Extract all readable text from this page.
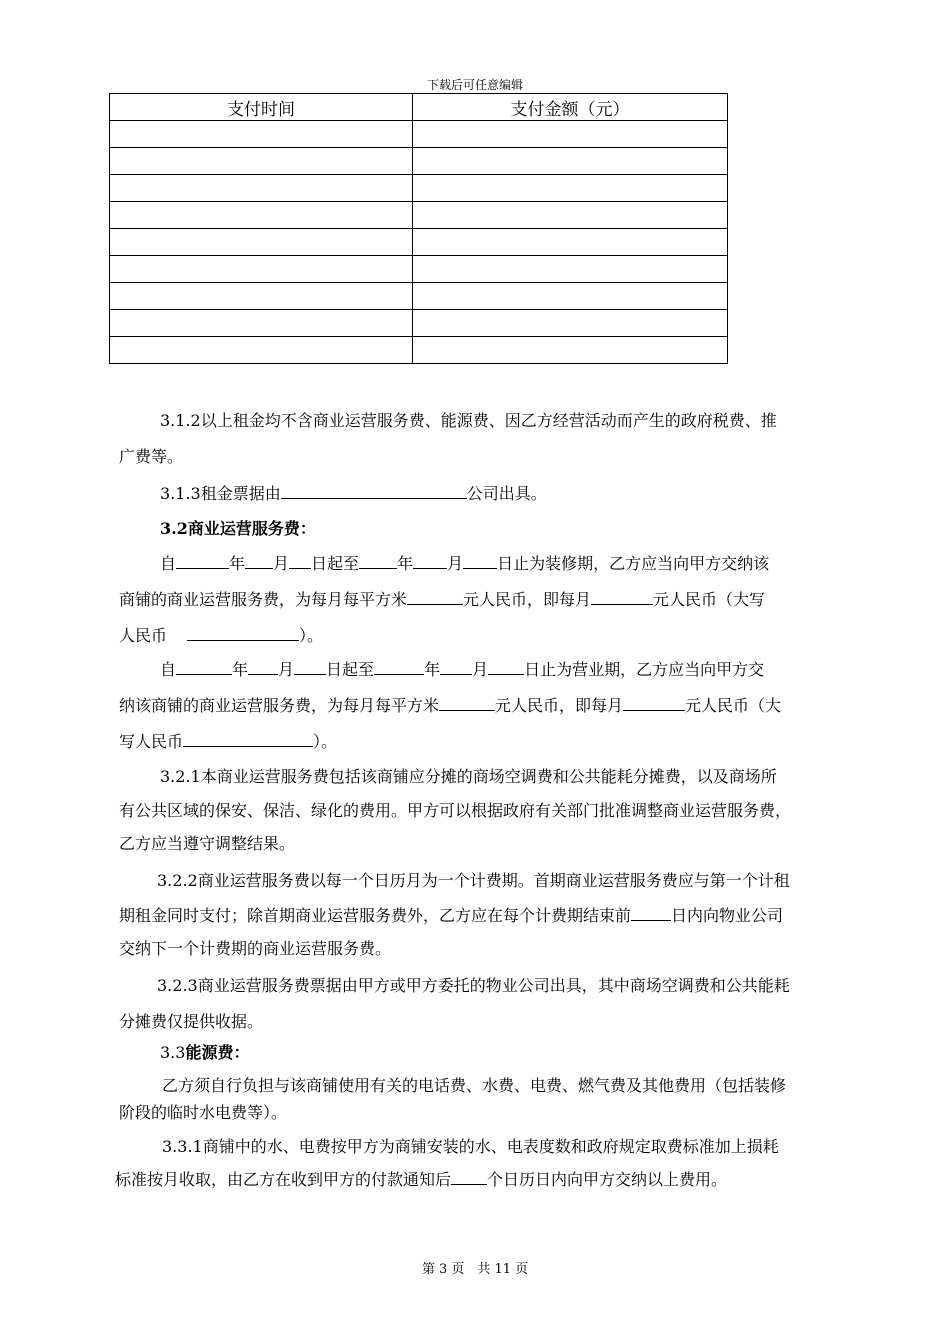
下载后可任意编辑
支付时间	支付金额（元）

3.1.2以上租金均不含商业运营服务费、能源费、因乙方经营活动而产生的政府税费、推
广费等。
3.1.3租金票据由	公司出具。
3.2商业运营服务费：
自	年 月 日起至 年 月 日止为装修期，乙方应当向甲方交纳该
商铺的商业运营服务费，为每月每平方米	元人民币，即每月	元人民币（大写
人民币	）。
自	年 月 日起至	年 月 日止为营业期，乙方应当向甲方交
纳该商铺的商业运营服务费，为每月每平方米	元人民币，即每月	元人民币（大
写人民币	）。
3.2.1本商业运营服务费包括该商铺应分摊的商场空调费和公共能耗分摊费，以及商场所
有公共区域的保安、保洁、绿化的费用。甲方可以根据政府有关部门批准调整商业运营服务费，
乙方应当遵守调整结果。
3.2.2商业运营服务费以每一个日历月为一个计费期。首期商业运营服务费应与第一个计租
期租金同时支付；除首期商业运营服务费外，乙方应在每个计费期结束前	日内向物业公司
交纳下一个计费期的商业运营服务费。
3.2.3商业运营服务费票据由甲方或甲方委托的物业公司出具，其中商场空调费和公共能耗
分摊费仅提供收据。
3.3能源费：
乙方须自行负担与该商铺使用有关的电话费、水费、电费、燃气费及其他费用（包括装修
阶段的临时水电费等）。
3.3.1商铺中的水、电费按甲方为商铺安装的水、电表度数和政府规定取费标准加上损耗
标准按月收取，由乙方在收到甲方的付款通知后 个日历日内向甲方交纳以上费用。
第 3 页　共 11 页
